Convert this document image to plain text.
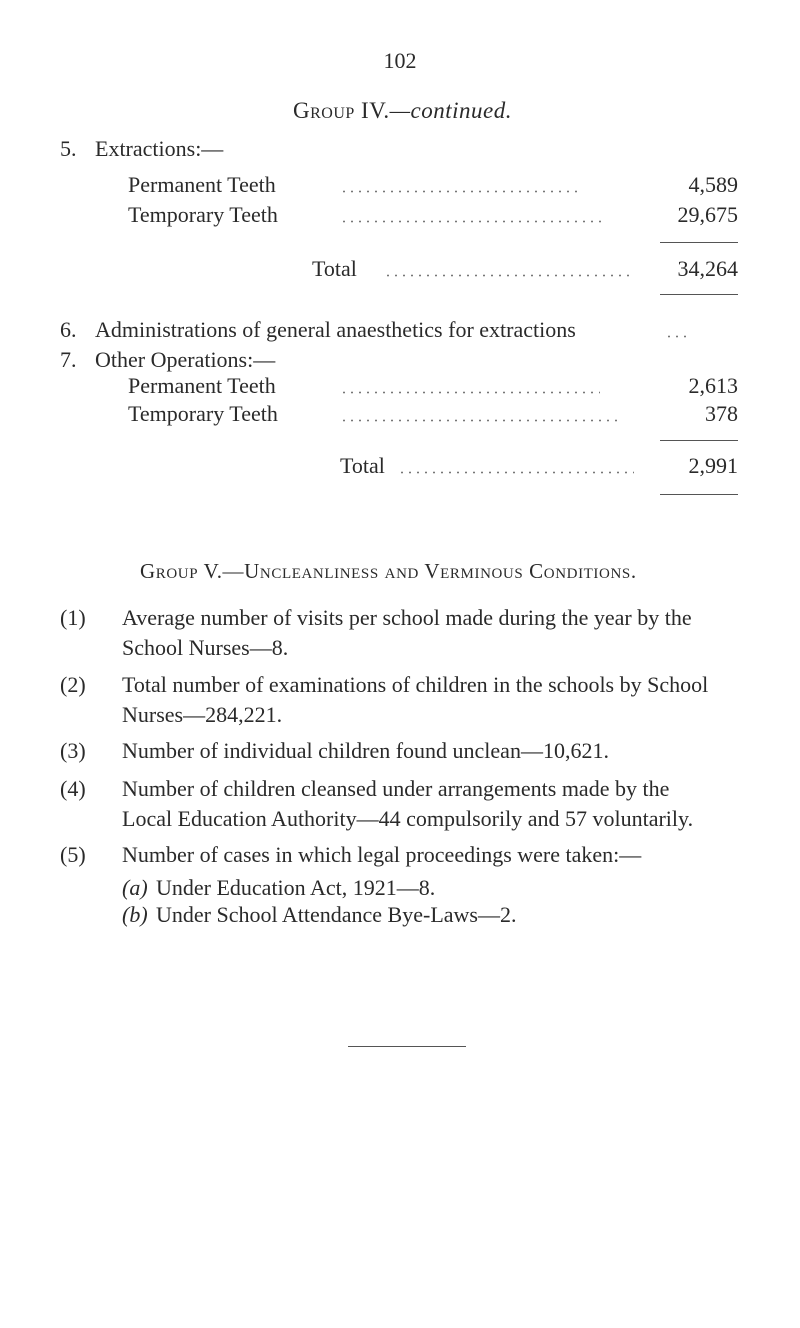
102
Group IV.—continued.
5. Extractions:—
Permanent Teeth	4,589
Temporary Teeth	29,675
Total	34,264
6. Administrations of general anaesthetics for extractions
7. Other Operations:—
Permanent Teeth	2,613
Temporary Teeth	378
Total	2,991
Group V.—Uncleanliness and Verminous Conditions.
(1) Average number of visits per school made during the year by the
School Nurses—8.
(2) Total number of examinations of children in the schools by School
Nurses—284,221.
(3) Number of individual children found unclean—10,621.
(4) Number of children cleansed under arrangements made by the
Local Education Authority—44 compulsorily and 57 voluntarily.
(5) Number of cases in which legal proceedings were taken:—
(a) Under Education Act, 1921—8.
(b) Under School Attendance Bye-Laws—2.
